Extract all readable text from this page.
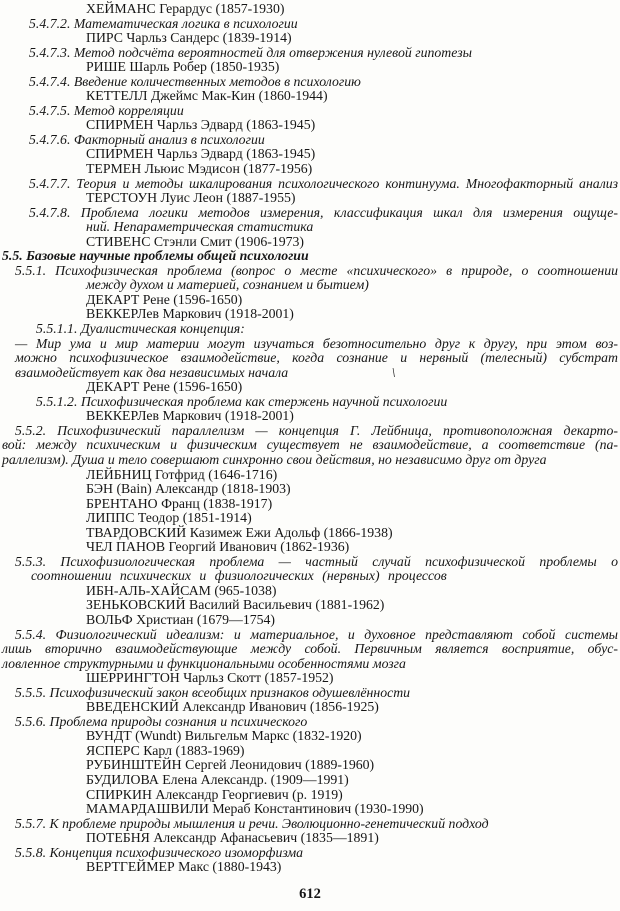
ХЕЙМАНС Герардус (1857-1930)
5.4.7.2. Математическая логика в психологии
ПИРС Чарльз Сандерс (1839-1914)
5.4.7.3. Метод подсчёта вероятностей для отвержения нулевой гипотезы
РИШЕ Шарль Робер (1850-1935)
5.4.7.4. Введение количественных методов в психологию
КЕТТЕЛЛ Джеймс Мак-Кин (1860-1944)
5.4.7.5. Метод корреляции
СПИРМЕН Чарльз Эдвард (1863-1945)
5.4.7.6. Факторный анализ в психологии
СПИРМЕН Чарльз Эдвард (1863-1945)
ТЕРМЕН Льюис Мэдисон (1877-1956)
5.4.7.7. Теория и методы шкалирования психологического континуума. Многофакторный анализ
ТЕРСТОУН Луис Леон (1887-1955)
5.4.7.8. Проблема логики методов измерения, классификация шкал для измерения ощуще-
ний. Непараметрическая статистика
СТИВЕНС Стэнли Смит (1906-1973)
5.5. Базовые научные проблемы общей психологии
5.5.1. Психофизическая проблема (вопрос о месте «психического» в природе, о соотношении
между духом и материей, сознанием и бытием)
ДЕКАРТ Рене (1596-1650)
ВЕККЕРЛев Маркович (1918-2001)
5.5.1.1. Дуалистическая концепция:
— Мир ума и мир материи могут изучаться безотносительно друг к другу, при этом воз-
можно психофизическое взаимодействие, когда сознание и нервный (телесный) субстрат
взаимодействует как два независимых начала                              \
ДЕКАРТ Рене (1596-1650)
5.5.1.2. Психофизическая проблема как стержень научной психологии
ВЕККЕРЛев Маркович (1918-2001)
5.5.2. Психофизический параллелизм — концепция Г. Лейбница, противоположная декарто-
вой: между психическим и физическим существует не взаимодействие, а соответствие (па-
раллелизм). Душа и тело совершают синхронно свои действия, но независимо друг от друга
ЛЕЙБНИЦ Готфрид (1646-1716)
БЭН (Bain) Александр (1818-1903)
БРЕНТАНО Франц (1838-1917)
ЛИППС Теодор (1851-1914)
ТВАРДОВСКИЙ Казимеж Ежи Адольф (1866-1938)
ЧЕЛ ПАНОВ Георгий Иванович (1862-1936)
5.5.3. Психофизиологическая проблема — частный случай психофизической проблемы о
соотношении психических и физиологических (нервных) процессов
ИБН-АЛЬ-ХАЙСАМ (965-1038)
ЗЕНЬКОВСКИЙ Василий Васильевич (1881-1962)
ВОЛЬФ Христиан (1679—1754)
5.5.4. Физиологический идеализм: и материальное, и духовное представляют собой системы
лишь вторично взаимодействующие между собой. Первичным является восприятие, обус-
ловленное структурными и функциональными особенностями мозга
ШЕРРИНГТОН Чарльз Скотт (1857-1952)
5.5.5. Психофизический закон всеобщих признаков одушевлённости
ВВЕДЕНСКИЙ Александр Иванович (1856-1925)
5.5.6. Проблема природы сознания и психического
ВУНДТ (Wundt) Вильгельм Маркс (1832-1920)
ЯСПЕРС Карл (1883-1969)
РУБИНШТЕЙН Сергей Леонидович (1889-1960)
БУДИЛОВА Елена Александр. (1909—1991)
СПИРКИН Александр Георгиевич (р. 1919)
МАМАРДАШВИЛИ Мераб Константинович (1930-1990)
5.5.7. К проблеме природы мышления и речи. Эволюционно-генетический подход
ПОТЕБНЯ Александр Афанасьевич (1835—1891)
5.5.8. Концепция психофизического изоморфизма
ВЕРТГЕЙМЕР Макс (1880-1943)
612
